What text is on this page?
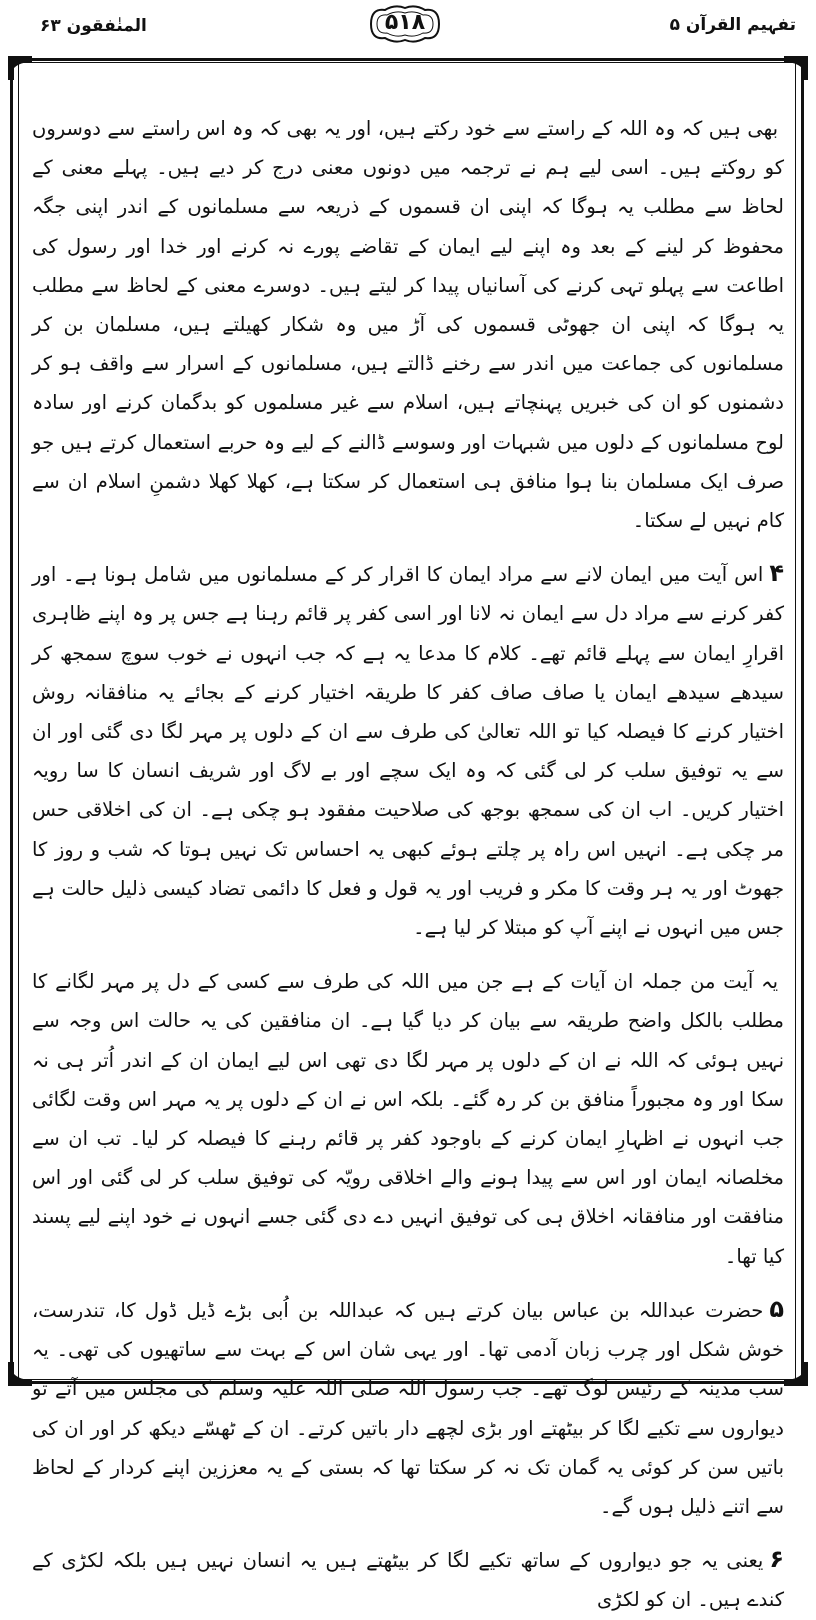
تفہیم القرآن ۵
۵۱۸
المنٰفقون ۶۳

بھی ہیں کہ وہ اللہ کے راستے سے خود رکتے ہیں، اور یہ بھی کہ وہ اس راستے سے دوسروں کو روکتے ہیں۔ اسی لیے ہم نے ترجمہ میں دونوں معنی درج کر دیے ہیں۔ پہلے معنی کے لحاظ سے مطلب یہ ہوگا کہ اپنی ان قسموں کے ذریعہ سے مسلمانوں کے اندر اپنی جگہ محفوظ کر لینے کے بعد وہ اپنے لیے ایمان کے تقاضے پورے نہ کرنے اور خدا اور رسول کی اطاعت سے پہلو تہی کرنے کی آسانیاں پیدا کر لیتے ہیں۔ دوسرے معنی کے لحاظ سے مطلب یہ ہوگا کہ اپنی ان جھوٹی قسموں کی آڑ میں وہ شکار کھیلتے ہیں، مسلمان بن کر مسلمانوں کی جماعت میں اندر سے رخنے ڈالتے ہیں، مسلمانوں کے اسرار سے واقف ہو کر دشمنوں کو ان کی خبریں پہنچاتے ہیں، اسلام سے غیر مسلموں کو بدگمان کرنے اور سادہ لوح مسلمانوں کے دلوں میں شبہات اور وسوسے ڈالنے کے لیے وہ حربے استعمال کرتے ہیں جو صرف ایک مسلمان بنا ہوا منافق ہی استعمال کر سکتا ہے، کھلا کھلا دشمنِ اسلام ان سے کام نہیں لے سکتا۔

۴اس آیت میں ایمان لانے سے مراد ایمان کا اقرار کر کے مسلمانوں میں شامل ہونا ہے۔ اور کفر کرنے سے مراد دل سے ایمان نہ لانا اور اسی کفر پر قائم رہنا ہے جس پر وہ اپنے ظاہری اقرارِ ایمان سے پہلے قائم تھے۔ کلام کا مدعا یہ ہے کہ جب انہوں نے خوب سوچ سمجھ کر سیدھے سیدھے ایمان یا صاف صاف کفر کا طریقہ اختیار کرنے کے بجائے یہ منافقانہ روش اختیار کرنے کا فیصلہ کیا تو اللہ تعالیٰ کی طرف سے ان کے دلوں پر مہر لگا دی گئی اور ان سے یہ توفیق سلب کر لی گئی کہ وہ ایک سچے اور بے لاگ اور شریف انسان کا سا رویہ اختیار کریں۔ اب ان کی سمجھ بوجھ کی صلاحیت مفقود ہو چکی ہے۔ ان کی اخلاقی حس مر چکی ہے۔ انہیں اس راہ پر چلتے ہوئے کبھی یہ احساس تک نہیں ہوتا کہ شب و روز کا جھوٹ اور یہ ہر وقت کا مکر و فریب اور یہ قول و فعل کا دائمی تضاد کیسی ذلیل حالت ہے جس میں انہوں نے اپنے آپ کو مبتلا کر لیا ہے۔

یہ آیت من جملہ ان آیات کے ہے جن میں اللہ کی طرف سے کسی کے دل پر مہر لگانے کا مطلب بالکل واضح طریقہ سے بیان کر دیا گیا ہے۔ ان منافقین کی یہ حالت اس وجہ سے نہیں ہوئی کہ اللہ نے ان کے دلوں پر مہر لگا دی تھی اس لیے ایمان ان کے اندر اُتر ہی نہ سکا اور وہ مجبوراً منافق بن کر رہ گئے۔ بلکہ اس نے ان کے دلوں پر یہ مہر اس وقت لگائی جب انہوں نے اظہارِ ایمان کرنے کے باوجود کفر پر قائم رہنے کا فیصلہ کر لیا۔ تب ان سے مخلصانہ ایمان اور اس سے پیدا ہونے والے اخلاقی رویّہ کی توفیق سلب کر لی گئی اور اس منافقت اور منافقانہ اخلاق ہی کی توفیق انہیں دے دی گئی جسے انہوں نے خود اپنے لیے پسند کیا تھا۔

۵حضرت عبداللہ بن عباس بیان کرتے ہیں کہ عبداللہ بن اُبی بڑے ڈیل ڈول کا، تندرست، خوش شکل اور چرب زبان آدمی تھا۔ اور یہی شان اس کے بہت سے ساتھیوں کی تھی۔ یہ سب مدینہ کے رئیس لوگ تھے۔ جب رسول اللہ صلی اللہ علیہ وسلم کی مجلس میں آتے تو دیواروں سے تکیے لگا کر بیٹھتے اور بڑی لچھے دار باتیں کرتے۔ ان کے ٹھسّے دیکھ کر اور ان کی باتیں سن کر کوئی یہ گمان تک نہ کر سکتا تھا کہ بستی کے یہ معززین اپنے کردار کے لحاظ سے اتنے ذلیل ہوں گے۔

۶یعنی یہ جو دیواروں کے ساتھ تکیے لگا کر بیٹھتے ہیں یہ انسان نہیں ہیں بلکہ لکڑی کے کندے ہیں۔ ان کو لکڑی
